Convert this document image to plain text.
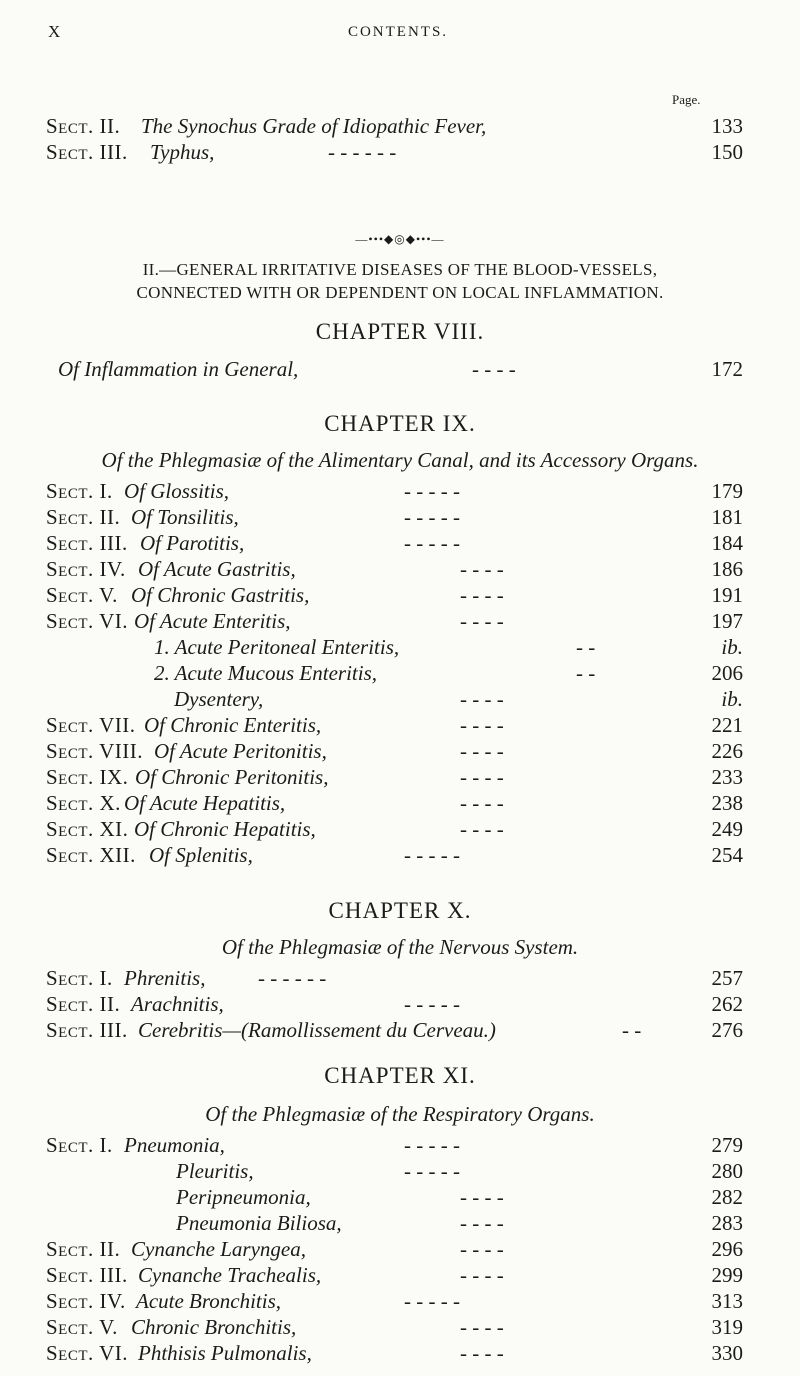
X	CONTENTS.
Page.
Sect. II. The Synochus Grade of Idiopathic Fever,	133
Sect. III. Typhus,	- - - - - -	150
—•••◆◎◆•••—
II.—GENERAL IRRITATIVE DISEASES OF THE BLOOD-VESSELS,
CONNECTED WITH OR DEPENDENT ON LOCAL INFLAMMATION.
CHAPTER VIII.
Of Inflammation in General,	- - - -	172
CHAPTER IX.
Of the Phlegmasiæ of the Alimentary Canal, and its Accessory Organs.
Sect. I. Of Glossitis,	- - - - -	179
Sect. II. Of Tonsilitis,	- - - - -	181
Sect. III. Of Parotitis,	- - - - -	184
Sect. IV. Of Acute Gastritis,	- - - -	186
Sect. V. Of Chronic Gastritis,	- - - -	191
Sect. VI. Of Acute Enteritis,	- - - -	197
1. Acute Peritoneal Enteritis,	- -	ib.
2. Acute Mucous Enteritis,	- -	206
Dysentery,	- - - -	ib.
Sect. VII. Of Chronic Enteritis,	- - - -	221
Sect. VIII. Of Acute Peritonitis,	- - - -	226
Sect. IX. Of Chronic Peritonitis,	- - - -	233
Sect. X. Of Acute Hepatitis,	- - - -	238
Sect. XI. Of Chronic Hepatitis,	- - - -	249
Sect. XII. Of Splenitis,	- - - - -	254
CHAPTER X.
Of the Phlegmasiæ of the Nervous System.
Sect. I. Phrenitis,	- - - - - -	257
Sect. II. Arachnitis,	- - - - -	262
Sect. III. Cerebritis—(Ramollissement du Cerveau.)	- -	276
CHAPTER XI.
Of the Phlegmasiæ of the Respiratory Organs.
Sect. I. Pneumonia,	- - - - -	279
Pleuritis,	- - - - -	280
Peripneumonia,	- - - -	282
Pneumonia Biliosa,	- - - -	283
Sect. II. Cynanche Laryngea,	- - - -	296
Sect. III. Cynanche Trachealis,	- - - -	299
Sect. IV. Acute Bronchitis,	- - - - -	313
Sect. V. Chronic Bronchitis,	- - - -	319
Sect. VI. Phthisis Pulmonalis,	- - - -	330
